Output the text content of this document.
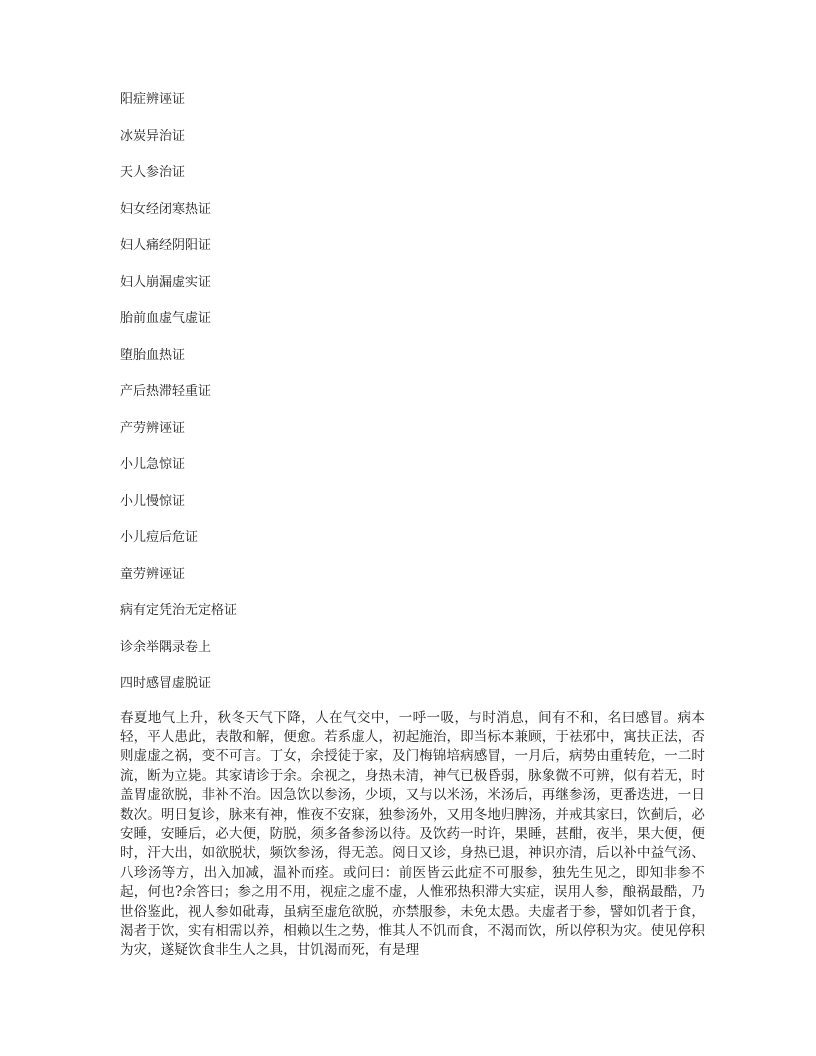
阳症辨诬证

冰炭异治证

天人参治证

妇女经闭寒热证

妇人痛经阴阳证

妇人崩漏虚实证

胎前血虚气虚证

堕胎血热证

产后热滞轻重证

产劳辨诬证

小儿急惊证

小儿慢惊证

小儿痘后危证

童劳辨诬证

病有定凭治无定格证

诊余举隅录卷上

四时感冒虚脱证

春夏地气上升，秋冬天气下降，人在气交中，一呼一吸，与时消息，间有不和，名曰感冒。病本轻，平人患此，表散和解，便愈。若系虚人，初起施治，即当标本兼顾，于祛邪中，寓扶正法，否则虚虚之祸，变不可言。丁女，余授徒于家，及门梅锦培病感冒，一月后，病势由重转危，一二时流，断为立毙。其家请诊于余。余视之，身热未清，神气已极昏弱，脉象微不可辨，似有若无，时盖胃虚欲脱，非补不治。因急饮以参汤，少顷，又与以米汤，米汤后，再继参汤，更番迭进，一日数次。明日复诊，脉来有神，惟夜不安寐，独参汤外，又用冬地归脾汤，并戒其家曰，饮蓟后，必安睡，安睡后，必大便，防脱，须多备参汤以待。及饮药一时许，果睡，甚酣，夜半，果大便，便时，汗大出，如欲脱状，频饮参汤，得无恙。阅日又诊，身热已退，神识亦清，后以补中益气汤、八珍汤等方，出入加减，温补而痊。或问曰：前医皆云此症不可服参，独先生见之，即知非参不起，何也?余答曰；参之用不用，视症之虚不虚，人惟邪热积滞大实症，误用人参，酿祸最酷，乃世俗鉴此，视人参如砒毒，虽病至虚危欲脱，亦禁服参，未免太愚。夫虚者于参，譬如饥者于食，渴者于饮，实有相需以养，相赖以生之势，惟其人不饥而食，不渴而饮，所以停积为灾。使见停积为灾，遂疑饮食非生人之具，甘饥渴而死，有是理
